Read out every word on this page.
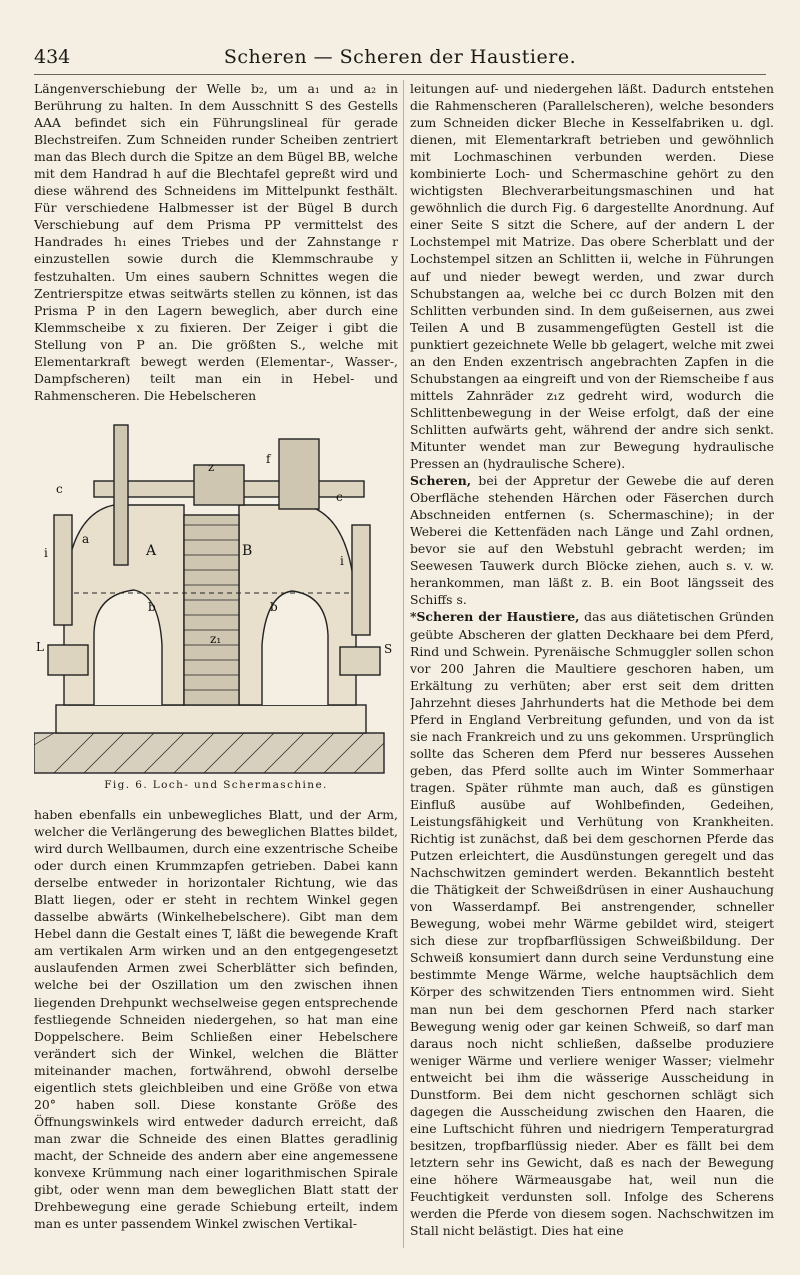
434	Scheren — Scheren der Haustiere.

Längenverschiebung der Welle b₂, um a₁ und a₂ in Berührung zu halten. In dem Ausschnitt S des Gestells AAA befindet sich ein Führungslineal für gerade Blechstreifen. Zum Schneiden runder Scheiben zentriert man das Blech durch die Spitze an dem Bügel BB, welche mit dem Handrad h auf die Blechtafel gepreßt wird und diese während des Schneidens im Mittelpunkt festhält. Für verschiedene Halbmesser ist der Bügel B durch Verschiebung auf dem Prisma PP vermittelst des Handrades h₁ eines Triebes und der Zahnstange r einzustellen sowie durch die Klemmschraube y festzuhalten. Um eines saubern Schnittes wegen die Zentrierspitze etwas seitwärts stellen zu können, ist das Prisma P in den Lagern beweglich, aber durch eine Klemmscheibe x zu fixieren. Der Zeiger i gibt die Stellung von P an. Die größten S., welche mit Elementarkraft bewegt werden (Elementar-, Wasser-, Dampfscheren) teilt man ein in Hebel- und Rahmenscheren. Die Hebelscheren

c
a
i	A	B
z
f
c
i
b	b
z₁
L	S
Fig. 6. Loch- und Schermaschine.

haben ebenfalls ein unbewegliches Blatt, und der Arm, welcher die Verlängerung des beweglichen Blattes bildet, wird durch Wellbaumen, durch eine exzentrische Scheibe oder durch einen Krummzapfen getrieben. Dabei kann derselbe entweder in horizontaler Richtung, wie das Blatt liegen, oder er steht in rechtem Winkel gegen dasselbe abwärts (Winkelhebelschere). Gibt man dem Hebel dann die Gestalt eines T, läßt die bewegende Kraft am vertikalen Arm wirken und an den entgegengesetzt auslaufenden Armen zwei Scherblätter sich befinden, welche bei der Oszillation um den zwischen ihnen liegenden Drehpunkt wechselweise gegen entsprechende festliegende Schneiden niedergehen, so hat man eine Doppelschere. Beim Schließen einer Hebelschere verändert sich der Winkel, welchen die Blätter miteinander machen, fortwährend, obwohl derselbe eigentlich stets gleichbleiben und eine Größe von etwa 20° haben soll. Diese konstante Größe des Öffnungswinkels wird entweder dadurch erreicht, daß man zwar die Schneide des einen Blattes geradlinig macht, der Schneide des andern aber eine angemessene konvexe Krümmung nach einer logarithmischen Spirale gibt, oder wenn man dem beweglichen Blatt statt der Drehbewegung eine gerade Schiebung erteilt, indem man es unter passendem Winkel zwischen Vertikal-

leitungen auf- und niedergehen läßt. Dadurch entstehen die Rahmenscheren (Parallelscheren), welche besonders zum Schneiden dicker Bleche in Kesselfabriken u. dgl. dienen, mit Elementarkraft betrieben und gewöhnlich mit Lochmaschinen verbunden werden. Diese kombinierte Loch- und Schermaschine gehört zu den wichtigsten Blechverarbeitungsmaschinen und hat gewöhnlich die durch Fig. 6 dargestellte Anordnung. Auf einer Seite S sitzt die Schere, auf der andern L der Lochstempel mit Matrize. Das obere Scherblatt und der Lochstempel sitzen an Schlitten ii, welche in Führungen auf und nieder bewegt werden, und zwar durch Schubstangen aa, welche bei cc durch Bolzen mit den Schlitten verbunden sind. In dem gußeisernen, aus zwei Teilen A und B zusammengefügten Gestell ist die punktiert gezeichnete Welle bb gelagert, welche mit zwei an den Enden exzentrisch angebrachten Zapfen in die Schubstangen aa eingreift und von der Riemscheibe f aus mittels Zahnräder z₁z gedreht wird, wodurch die Schlittenbewegung in der Weise erfolgt, daß der eine Schlitten aufwärts geht, während der andre sich senkt. Mitunter wendet man zur Bewegung hydraulische Pressen an (hydraulische Schere).

Scheren, bei der Appretur der Gewebe die auf deren Oberfläche stehenden Härchen oder Fäserchen durch Abschneiden entfernen (s. Schermaschine); in der Weberei die Kettenfäden nach Länge und Zahl ordnen, bevor sie auf den Webstuhl gebracht werden; im Seewesen Tauwerk durch Blöcke ziehen, auch s. v. w. herankommen, man läßt z. B. ein Boot längsseit des Schiffs s.

*Scheren der Haustiere, das aus diätetischen Gründen geübte Abscheren der glatten Deckhaare bei dem Pferd, Rind und Schwein. Pyrenäische Schmuggler sollen schon vor 200 Jahren die Maultiere geschoren haben, um Erkältung zu verhüten; aber erst seit dem dritten Jahrzehnt dieses Jahrhunderts hat die Methode bei dem Pferd in England Verbreitung gefunden, und von da ist sie nach Frankreich und zu uns gekommen. Ursprünglich sollte das Scheren dem Pferd nur besseres Aussehen geben, das Pferd sollte auch im Winter Sommerhaar tragen. Später rühmte man auch, daß es günstigen Einfluß ausübe auf Wohlbefinden, Gedeihen, Leistungsfähigkeit und Verhütung von Krankheiten. Richtig ist zunächst, daß bei dem geschornen Pferde das Putzen erleichtert, die Ausdünstungen geregelt und das Nachschwitzen gemindert werden. Bekanntlich besteht die Thätigkeit der Schweißdrüsen in einer Aushauchung von Wasserdampf. Bei anstrengender, schneller Bewegung, wobei mehr Wärme gebildet wird, steigert sich diese zur tropfbarflüssigen Schweißbildung. Der Schweiß konsumiert dann durch seine Verdunstung eine bestimmte Menge Wärme, welche hauptsächlich dem Körper des schwitzenden Tiers entnommen wird. Sieht man nun bei dem geschornen Pferd nach starker Bewegung wenig oder gar keinen Schweiß, so darf man daraus noch nicht schließen, daßselbe produziere weniger Wärme und verliere weniger Wasser; vielmehr entweicht bei ihm die wässerige Ausscheidung in Dunstform. Bei dem nicht geschornen schlägt sich dagegen die Ausscheidung zwischen den Haaren, die eine Luftschicht führen und niedrigern Temperaturgrad besitzen, tropfbarflüssig nieder. Aber es fällt bei dem letztern sehr ins Gewicht, daß es nach der Bewegung eine höhere Wärmeausgabe hat, weil nun die Feuchtigkeit verdunsten soll. Infolge des Scherens werden die Pferde von diesem sogen. Nachschwitzen im Stall nicht belästigt. Dies hat eine
